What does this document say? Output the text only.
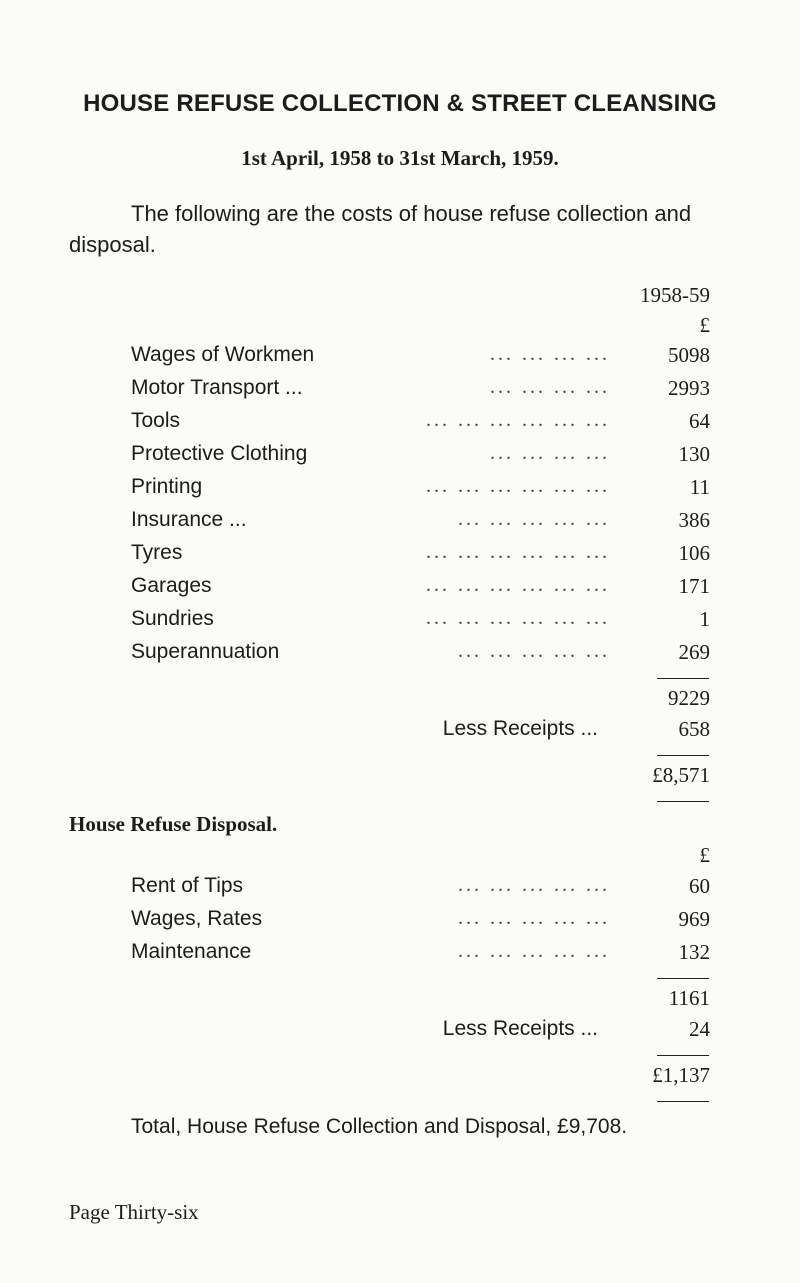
HOUSE REFUSE COLLECTION & STREET CLEANSING
1st April, 1958 to 31st March, 1959.
The following are the costs of house refuse collection and
disposal.
1958-59
£
Wages of Workmen	... ... ... ...	5098
Motor Transport ...	... ... ... ...	2993
Tools	... ... ... ... ... ...	64
Protective Clothing	... ... ... ...	130
Printing	... ... ... ... ... ...	11
Insurance ...	... ... ... ... ...	386
Tyres	... ... ... ... ... ...	106
Garages	... ... ... ... ... ...	171
Sundries	... ... ... ... ... ...	1
Superannuation	... ... ... ... ...	269
9229
Less Receipts ...	658
£8,571
House Refuse Disposal.
£
Rent of Tips	... ... ... ... ...	60
Wages, Rates	... ... ... ... ...	969
Maintenance	... ... ... ... ...	132
1161
Less Receipts ...	24
£1,137
Total, House Refuse Collection and Disposal, £9,708.
Page Thirty-six
